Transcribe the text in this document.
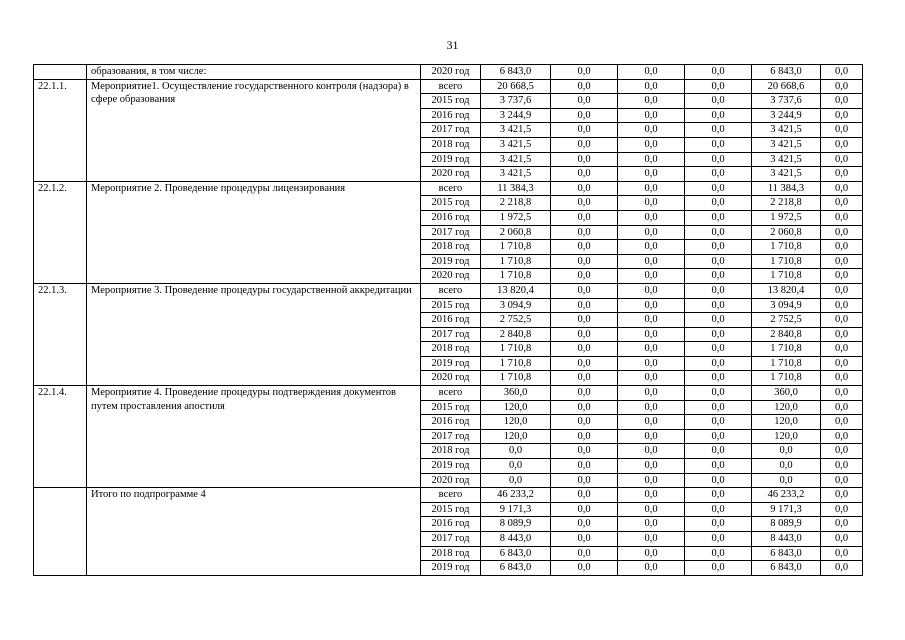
31
	образования, в том числе:	2020 год	6 843,0	0,0	0,0	0,0	6 843,0	0,0
22.1.1.	Мероприятие1. Осуществление государственного контроля (надзора) в сфере образования	всего	20 668,5	0,0	0,0	0,0	20 668,6	0,0
		2015 год	3 737,6	0,0	0,0	0,0	3 737,6	0,0
		2016 год	3 244,9	0,0	0,0	0,0	3 244,9	0,0
		2017 год	3 421,5	0,0	0,0	0,0	3 421,5	0,0
		2018 год	3 421,5	0,0	0,0	0,0	3 421,5	0,0
		2019 год	3 421,5	0,0	0,0	0,0	3 421,5	0,0
		2020 год	3 421,5	0,0	0,0	0,0	3 421,5	0,0
22.1.2.	Мероприятие 2. Проведение процедуры лицензирования	всего	11 384,3	0,0	0,0	0,0	11 384,3	0,0
		2015 год	2 218,8	0,0	0,0	0,0	2 218,8	0,0
		2016 год	1 972,5	0,0	0,0	0,0	1 972,5	0,0
		2017 год	2 060,8	0,0	0,0	0,0	2 060,8	0,0
		2018 год	1 710,8	0,0	0,0	0,0	1 710,8	0,0
		2019 год	1 710,8	0,0	0,0	0,0	1 710,8	0,0
		2020 год	1 710,8	0,0	0,0	0,0	1 710,8	0,0
22.1.3.	Мероприятие 3. Проведение процедуры государственной аккредитации	всего	13 820,4	0,0	0,0	0,0	13 820,4	0,0
		2015 год	3 094,9	0,0	0,0	0,0	3 094,9	0,0
		2016 год	2 752,5	0,0	0,0	0,0	2 752,5	0,0
		2017 год	2 840,8	0,0	0,0	0,0	2 840,8	0,0
		2018 год	1 710,8	0,0	0,0	0,0	1 710,8	0,0
		2019 год	1 710,8	0,0	0,0	0,0	1 710,8	0,0
		2020 год	1 710,8	0,0	0,0	0,0	1 710,8	0,0
22.1.4.	Мероприятие 4. Проведение процедуры подтверждения документов путем проставления апостиля	всего	360,0	0,0	0,0	0,0	360,0	0,0
		2015 год	120,0	0,0	0,0	0,0	120,0	0,0
		2016 год	120,0	0,0	0,0	0,0	120,0	0,0
		2017 год	120,0	0,0	0,0	0,0	120,0	0,0
		2018 год	0,0	0,0	0,0	0,0	0,0	0,0
		2019 год	0,0	0,0	0,0	0,0	0,0	0,0
		2020 год	0,0	0,0	0,0	0,0	0,0	0,0
	Итого по подпрограмме 4	всего	46 233,2	0,0	0,0	0,0	46 233,2	0,0
		2015 год	9 171,3	0,0	0,0	0,0	9 171,3	0,0
		2016 год	8 089,9	0,0	0,0	0,0	8 089,9	0,0
		2017 год	8 443,0	0,0	0,0	0,0	8 443,0	0,0
		2018 год	6 843,0	0,0	0,0	0,0	6 843,0	0,0
		2019 год	6 843,0	0,0	0,0	0,0	6 843,0	0,0
